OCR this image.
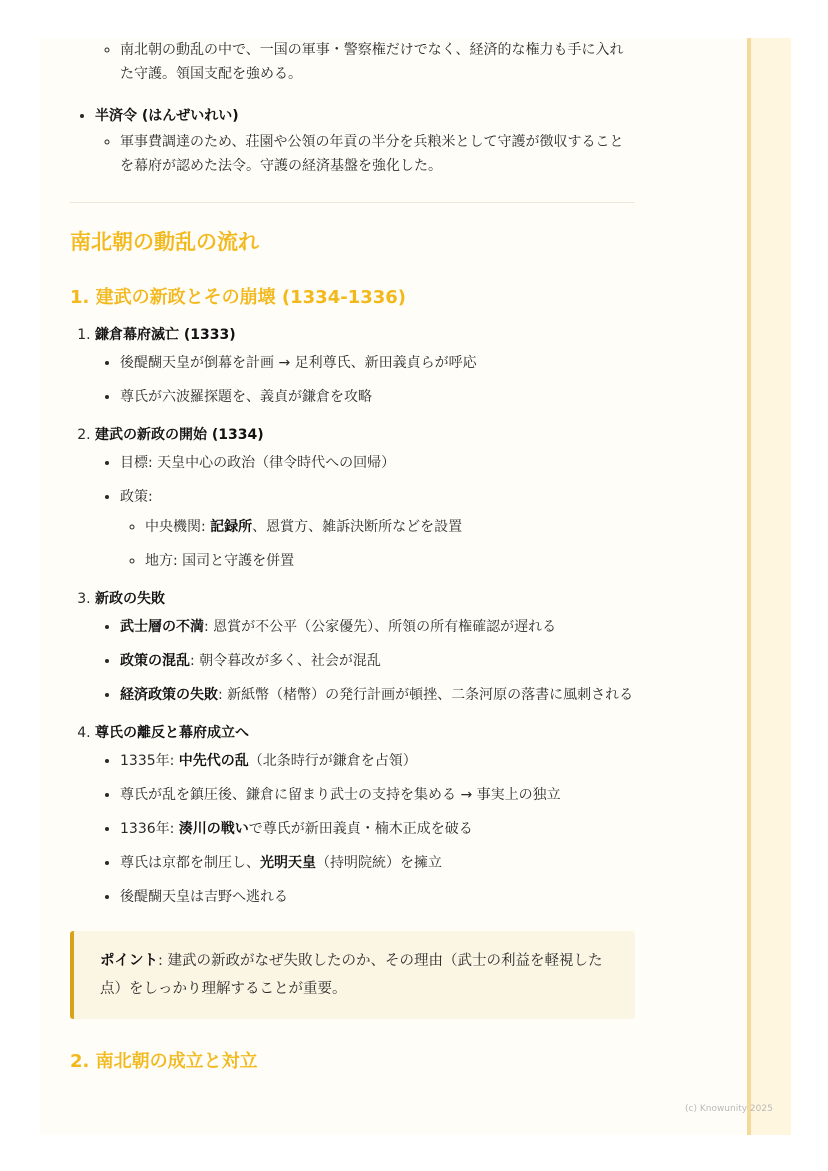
◦ 南北朝の動乱の中で、一国の軍事・警察権だけでなく、経済的な権力も手に入れた守護。領国支配を強める。
• 半済令 (はんぜいれい)
◦ 軍事費調達のため、荘園や公領の年貢の半分を兵粮米として守護が徴収することを幕府が認めた法令。守護の経済基盤を強化した。
南北朝の動乱の流れ
1. 建武の新政とその崩壊 (1334-1336)
1. 鎌倉幕府滅亡 (1333)
• 後醍醐天皇が倒幕を計画 → 足利尊氏、新田義貞らが呼応
• 尊氏が六波羅探題を、義貞が鎌倉を攻略
2. 建武の新政の開始 (1334)
• 目標: 天皇中心の政治（律令時代への回帰）
• 政策:
◦ 中央機関: 記録所、恩賞方、雑訴決断所などを設置
◦ 地方: 国司と守護を併置
3. 新政の失敗
• 武士層の不満: 恩賞が不公平（公家優先）、所領の所有権確認が遅れる
• 政策の混乱: 朝令暮改が多く、社会が混乱
• 経済政策の失敗: 新紙幣（楮幣）の発行計画が頓挫、二条河原の落書に風刺される
4. 尊氏の離反と幕府成立へ
• 1335年: 中先代の乱（北条時行が鎌倉を占領）
• 尊氏が乱を鎮圧後、鎌倉に留まり武士の支持を集める → 事実上の独立
• 1336年: 湊川の戦いで尊氏が新田義貞・楠木正成を破る
• 尊氏は京都を制圧し、光明天皇（持明院統）を擁立
• 後醍醐天皇は吉野へ逃れる
ポイント: 建武の新政がなぜ失敗したのか、その理由（武士の利益を軽視した点）をしっかり理解することが重要。
2. 南北朝の成立と対立
(c) Knowunity 2025
